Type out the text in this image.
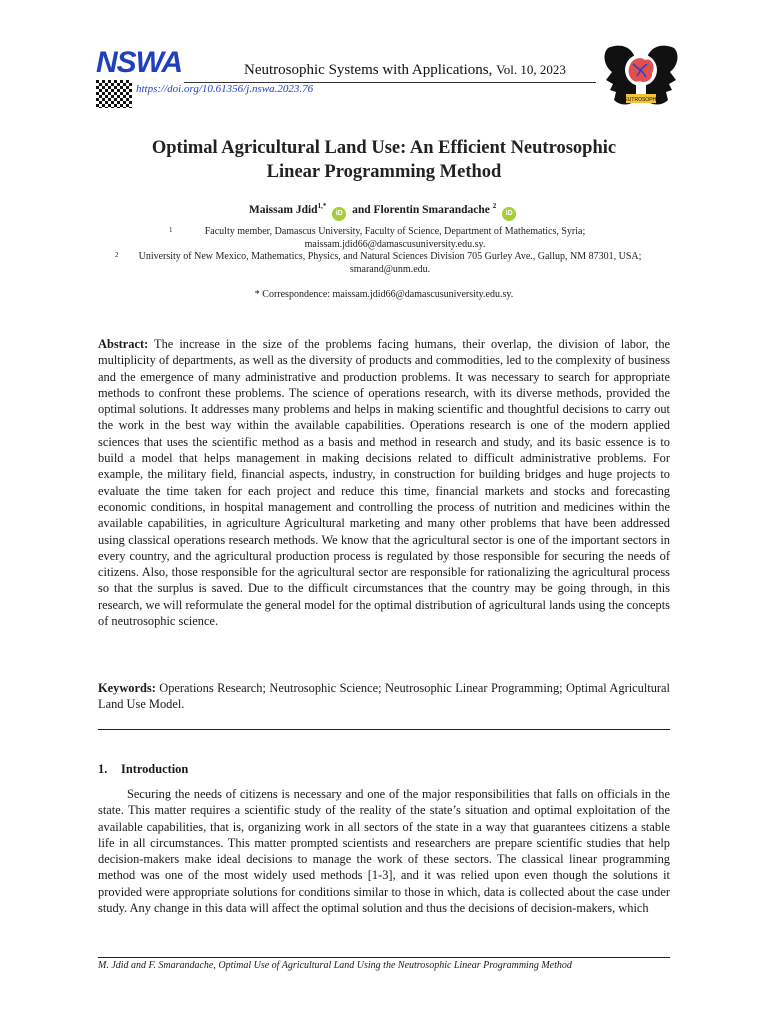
NSWA	Neutrosophic Systems with Applications, Vol. 10, 2023
https://doi.org/10.61356/j.nswa.2023.76
NEUTROSOPHIC
Optimal Agricultural Land Use: An Efficient Neutrosophic
Linear Programming Method
Maissam Jdid$^{1,*}$ iD and Florentin Smarandache $^2$ iD
1	Faculty member, Damascus University, Faculty of Science, Department of Mathematics, Syria; maissam.jdid66@damascusuniversity.edu.sy.
2 University of New Mexico, Mathematics, Physics, and Natural Sciences Division 705 Gurley Ave., Gallup, NM 87301, USA; smarand@unm.edu.
* Correspondence: maissam.jdid66@damascusuniversity.edu.sy.

Abstract: The increase in the size of the problems facing humans, their overlap, the division of labor, the multiplicity of departments, as well as the diversity of products and commodities, led to the complexity of business and the emergence of many administrative and production problems. It was necessary to search for appropriate methods to confront these problems. The science of operations research, with its diverse methods, provided the optimal solutions. It addresses many problems and helps in making scientific and thoughtful decisions to carry out the work in the best way within the available capabilities. Operations research is one of the modern applied sciences that uses the scientific method as a basis and method in research and study, and its basic essence is to build a model that helps management in making decisions related to difficult administrative problems. For example, the military field, financial aspects, industry, in construction for building bridges and huge projects to evaluate the time taken for each project and reduce this time, financial markets and stocks and forecasting economic conditions, in hospital management and controlling the process of nutrition and medicines within the available capabilities, in agriculture Agricultural marketing and many other problems that have been addressed using classical operations research methods. We know that the agricultural sector is one of the important sectors in every country, and the agricultural production process is regulated by those responsible for securing the needs of citizens. Also, those responsible for the agricultural sector are responsible for rationalizing the agricultural process so that the surplus is saved. Due to the difficult circumstances that the country may be going through, in this research, we will reformulate the general model for the optimal distribution of agricultural lands using the concepts of neutrosophic science.

Keywords: Operations Research; Neutrosophic Science; Neutrosophic Linear Programming; Optimal Agricultural Land Use Model.

1. Introduction

Securing the needs of citizens is necessary and one of the major responsibilities that falls on officials in the state. This matter requires a scientific study of the reality of the state’s situation and optimal exploitation of the available capabilities, that is, organizing work in all sectors of the state in a way that guarantees citizens a stable life in all circumstances. This matter prompted scientists and researchers are prepare scientific studies that help decision-makers make ideal decisions to manage the work of these sectors. The classical linear programming method was one of the most widely used methods [1-3], and it was relied upon even though the solutions it provided were appropriate solutions for conditions similar to those in which, data is collected about the case under study. Any change in this data will affect the optimal solution and thus the decisions of decision-makers, which

M. Jdid and F. Smarandache, Optimal Use of Agricultural Land Using the Neutrosophic Linear Programming Method
